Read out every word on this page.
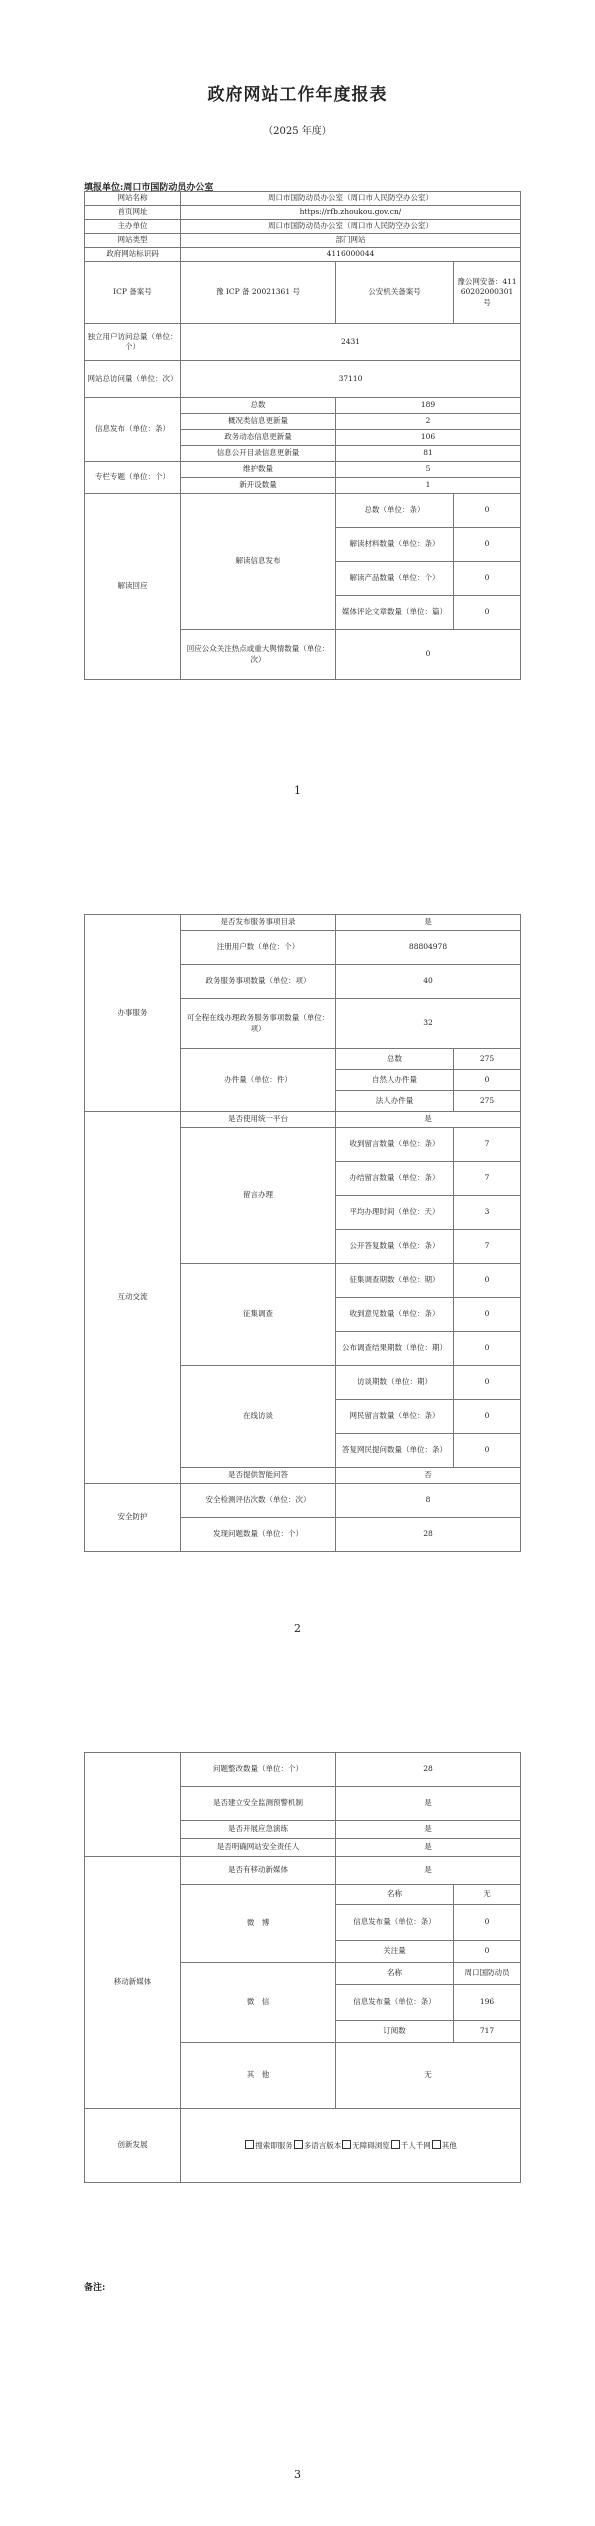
政府网站工作年度报表
（2025 年度）
填报单位:周口市国防动员办公室
网站名称	周口市国防动员办公室（周口市人民防空办公室）		
首页网址	https://rfb.zhoukou.gov.cn/		
主办单位	周口市国防动员办公室（周口市人民防空办公室）		
网站类型	部门网站		
政府网站标识码	4116000044		
ICP 备案号	豫 ICP 备 20021361 号	公安机关备案号	豫公网安备：41160202000301 号
独立用户访问总量（单位：个）	2431		
网站总访问量（单位：次）	37110		
信息发布（单位：条）	总数	189	
	概况类信息更新量	2	
	政务动态信息更新量	106	
	信息公开目录信息更新量	81	
专栏专题（单位：个）	维护数量	5	
	新开设数量	1	
解读回应	解读信息发布	总数（单位：条）	0
		解读材料数量（单位：条）	0
		解读产品数量（单位：个）	0
		媒体评论文章数量（单位：篇）	0
	回应公众关注热点或重大舆情数量（单位：次）	0	
1
办事服务	是否发布服务事项目录	是	
	注册用户数（单位：个）	88804978	
	政务服务事项数量（单位：项）	40	
	可全程在线办理政务服务事项数量（单位：项）	32	
	办件量（单位：件）	总数	275
		自然人办件量	0
		法人办件量	275
互动交流	是否使用统一平台	是	
	留言办理	收到留言数量（单位：条）	7
		办结留言数量（单位：条）	7
		平均办理时间（单位：天）	3
		公开答复数量（单位：条）	7
	征集调查	征集调查期数（单位：期）	0
		收到意见数量（单位：条）	0
		公布调查结果期数（单位：期）	0
	在线访谈	访谈期数（单位：期）	0
		网民留言数量（单位：条）	0
		答复网民提问数量（单位：条）	0
	是否提供智能问答	否	
安全防护	安全检测评估次数（单位：次）	8	
	发现问题数量（单位：个）	28	
2
	问题整改数量（单位：个）	28	
	是否建立安全监测预警机制	是	
	是否开展应急演练	是	
	是否明确网站安全责任人	是	
移动新媒体	是否有移动新媒体	是	
	微　博	名称	无
		信息发布量（单位：条）	0
		关注量	0
	微　信	名称	周口国防动员
		信息发布量（单位：条）	196
		订阅数	717
	其　他	无	
创新发展	搜索即服务 多语言版本 无障碍浏览 千人千网 其他		
备注:
3
